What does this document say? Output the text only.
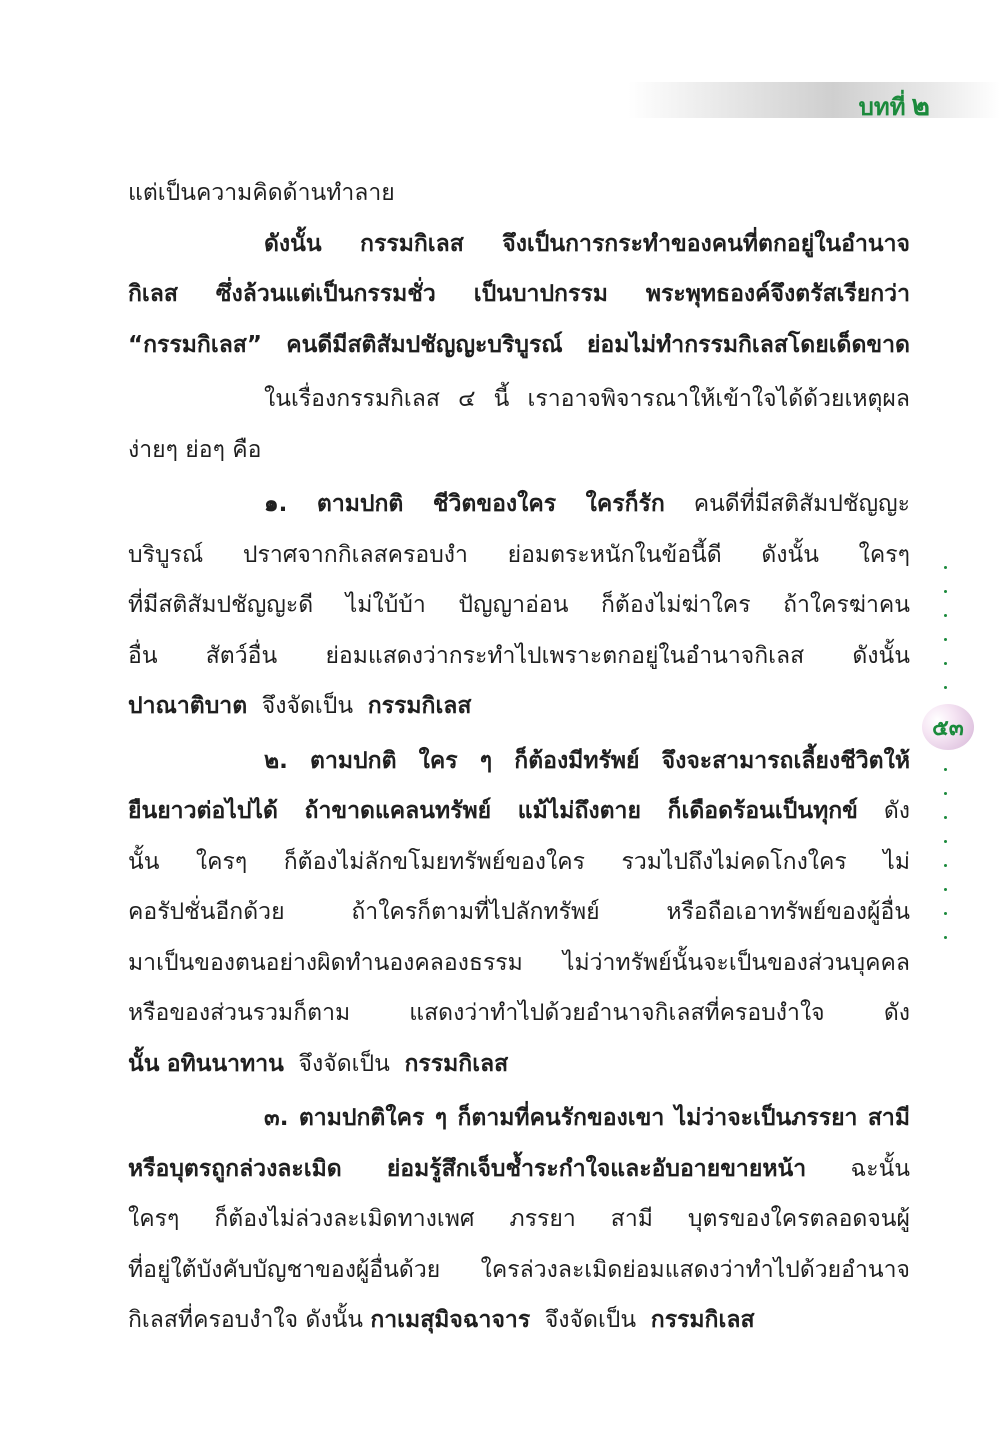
บทที่ ๒

แต่เป็นความคิดด้านทำลาย

ดังนั้น กรรมกิเลส จึงเป็นการกระทำของคนที่ตกอยู่ในอำนาจ
กิเลส ซึ่งล้วนแต่เป็นกรรมชั่ว เป็นบาปกรรม พระพุทธองค์จึงตรัสเรียกว่า
“กรรมกิเลส” คนดีมีสติสัมปชัญญะบริบูรณ์ ย่อมไม่ทำกรรมกิเลสโดยเด็ดขาด

ในเรื่องกรรมกิเลส ๔ นี้ เราอาจพิจารณาให้เข้าใจได้ด้วยเหตุผล
ง่ายๆ ย่อๆ คือ

๑. ตามปกติ ชีวิตของใคร ใครก็รัก คนดีที่มีสติสัมปชัญญะ
บริบูรณ์ ปราศจากกิเลสครอบงำ ย่อมตระหนักในข้อนี้ดี ดังนั้น ใครๆ
ที่มีสติสัมปชัญญะดี ไม่ใบ้บ้า ปัญญาอ่อน ก็ต้องไม่ฆ่าใคร ถ้าใครฆ่าคน
อื่น สัตว์อื่น ย่อมแสดงว่ากระทำไปเพราะตกอยู่ในอำนาจกิเลส ดังนั้น
ปาณาติบาต จึงจัดเป็น กรรมกิเลส

๒. ตามปกติ ใคร ๆ ก็ต้องมีทรัพย์ จึงจะสามารถเลี้ยงชีวิตให้
ยืนยาวต่อไปได้ ถ้าขาดแคลนทรัพย์ แม้ไม่ถึงตาย ก็เดือดร้อนเป็นทุกข์ ดัง
นั้น ใครๆ ก็ต้องไม่ลักขโมยทรัพย์ของใคร รวมไปถึงไม่คดโกงใคร ไม่
คอรัปชั่นอีกด้วย ถ้าใครก็ตามที่ไปลักทรัพย์ หรือถือเอาทรัพย์ของผู้อื่น
มาเป็นของตนอย่างผิดทำนองคลองธรรม ไม่ว่าทรัพย์นั้นจะเป็นของส่วนบุคคล
หรือของส่วนรวมก็ตาม แสดงว่าทำไปด้วยอำนาจกิเลสที่ครอบงำใจ ดัง
นั้น อทินนาทาน จึงจัดเป็น กรรมกิเลส

๓. ตามปกติใคร ๆ ก็ตามที่คนรักของเขา ไม่ว่าจะเป็นภรรยา สามี
หรือบุตรถูกล่วงละเมิด ย่อมรู้สึกเจ็บช้ำระกำใจและอับอายขายหน้า ฉะนั้น
ใครๆ ก็ต้องไม่ล่วงละเมิดทางเพศ ภรรยา สามี บุตรของใครตลอดจนผู้
ที่อยู่ใต้บังคับบัญชาของผู้อื่นด้วย ใครล่วงละเมิดย่อมแสดงว่าทำไปด้วยอำนาจ
กิเลสที่ครอบงำใจ ดังนั้น กาเมสุมิจฉาจาร จึงจัดเป็น กรรมกิเลส

๕๓
